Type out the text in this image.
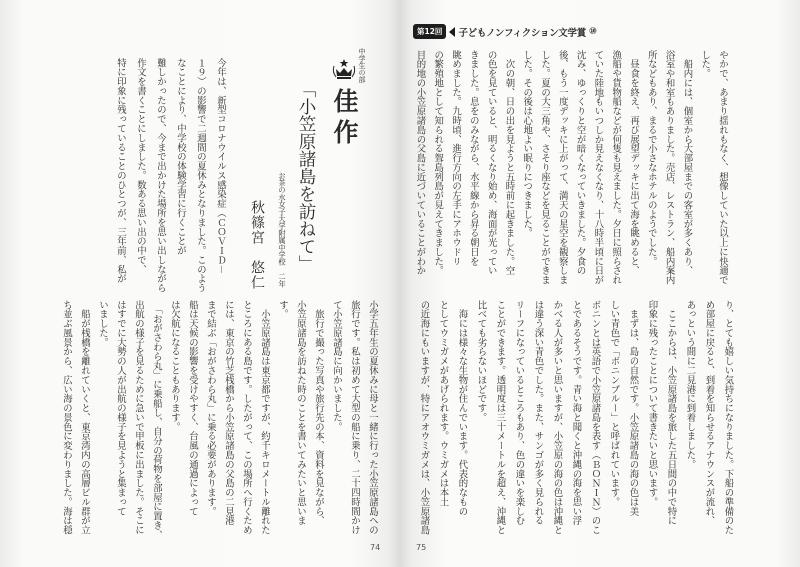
中学生の部
佳作
「小笠原諸島を訪ねて」
お茶の水女子大学附属中学校　二年
秋篠宮　悠仁
今年は、新型コロナウイルス感染症（ＣＯＶＩＤ－
１９）の影響で二週間の夏休みとなりました。このよう
なことにより、中学校の体験学習に行くことが
難しかったので、今まで出かけた場所を思い出しながら
作文を書くことにしました。数ある思い出の中で、
特に印象に残っていることのひとつが、三年前、私が
小学五年生の夏休みに母と一緒に行った小笠原諸島への
旅行です。私は初めて大型の船に乗り、二十四時間かけ
て小笠原諸島に向かいました。
　旅行で撮った写真や旅行先の本、資料を見ながら、
小笠原諸島を訪ねた時のことを書いてみたいと思いま
す。
　小笠原諸島は東京都ですが、約千キロメートル離れた
ところにある島です。したがって、この場所へ行くため
には、東京の竹芝桟橋から小笠原諸島の父島の二見港
まで結ぶ「おがさわら丸」に乗る必要があります。
船は天候の影響を受けやすく、台風の通過によって
は欠航になることもあります。
　「おがさわら丸」に乗船し、自分の荷物を部屋に置き、
出航の様子を見るために急いで甲板に出ました。そこに
はすでに大勢の人が出航の様子を見ようと集まって
いました。
　船が桟橋を離れていくと、東京湾内の高層ビル群が立
ち並ぶ風景から、広い海の景色に変わりました。海は穏
74
第12回	子どもノンフィクション文学賞 ⑩
やかで、あまり揺れもなく、想像していた以上に快適で
した。
　船内には、個室から大部屋までの客室が多くあり、
浴室や和室もありました。売店、レストラン、船内案内
所などもあり、まるで小さなホテルのようでした。
　昼食を終え、再び展望デッキに出て海を眺めると、
漁船や貨物船などが何隻も見えました。夕日に照らされ
ていた陸地もいつしか見えなくなり、十八時半頃に日が
沈み、ゆっくりと空が暗くなっていきました。夕食の
後、もう一度デッキに上がって、満天の星空を観察しま
した。夏の大三角や、さそり座などを見ることができま
した。その後は心地よい眠りにつきました。
　次の朝、日の出を見ようと五時前に起きました。空
の色を見ていると、明るくなり始め、海面が光ってい
きました。息をのみながら、水平線から昇る朝日を
眺めました。九時頃、進行方向の左手にアホウドリ
の繁殖地として知られる聟島列島が見えてきました。
目的地の小笠原諸島の父島に近づいていることがわか
り、とても嬉しい気持ちになりました。下船の準備のた
め部屋に戻ると、到着を知らせるアナウンスが流れ、
あっという間に二見港に到着しました。
　ここからは、小笠原諸島を旅した五日間の中で特に
印象に残ったことについて書きたいと思います。
　まずは、島の自然です。小笠原諸島の海の色は美
しい青色で「ボニンブルー」と呼ばれています。
ボニンとは英語で小笠原諸島を表す（ＢＯＮＩＮ）のこ
とであるそうです。青い海と聞くと沖縄の海を思い浮
かべる人が多いと思いますが、小笠原の海の色は沖縄と
は違う深い青色でした。また、サンゴが多く見られる
リーフになっているところもあり、色の違いを楽しむ
ことができます。透明度は三十メートルを超え、沖縄と
比べても劣らないほどです。
　海には様々な生物が住んでいます。代表的なもの
としてウミガメがあげられます。ウミガメは本土
の近海にもいますが、特にアオウミガメは、小笠原諸島
75
